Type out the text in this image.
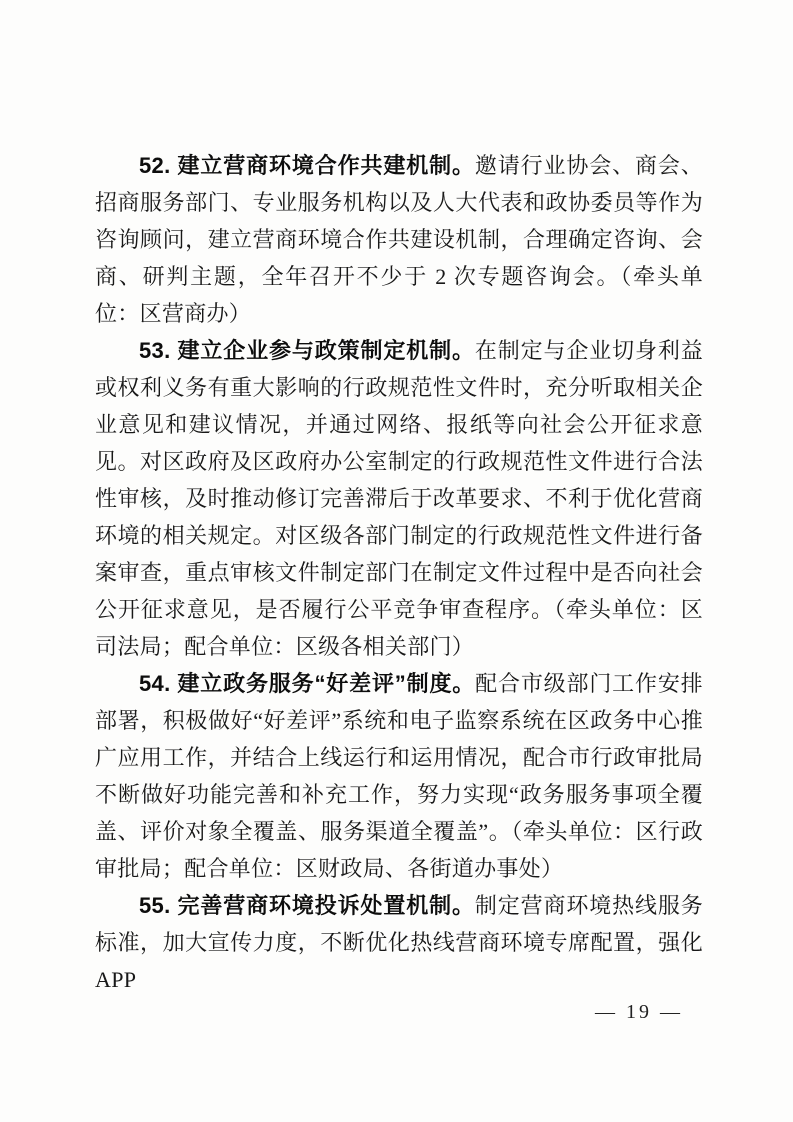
52. 建立营商环境合作共建机制。邀请行业协会、商会、招商服务部门、专业服务机构以及人大代表和政协委员等作为咨询顾问，建立营商环境合作共建设机制，合理确定咨询、会商、研判主题，全年召开不少于 2 次专题咨询会。（牵头单位：区营商办）

53. 建立企业参与政策制定机制。在制定与企业切身利益或权利义务有重大影响的行政规范性文件时，充分听取相关企业意见和建议情况，并通过网络、报纸等向社会公开征求意见。对区政府及区政府办公室制定的行政规范性文件进行合法性审核，及时推动修订完善滞后于改革要求、不利于优化营商环境的相关规定。对区级各部门制定的行政规范性文件进行备案审查，重点审核文件制定部门在制定文件过程中是否向社会公开征求意见，是否履行公平竞争审查程序。（牵头单位：区司法局；配合单位：区级各相关部门）

54. 建立政务服务“好差评”制度。配合市级部门工作安排部署，积极做好“好差评”系统和电子监察系统在区政务中心推广应用工作，并结合上线运行和运用情况，配合市行政审批局不断做好功能完善和补充工作，努力实现“政务服务事项全覆盖、评价对象全覆盖、服务渠道全覆盖”。（牵头单位：区行政审批局；配合单位：区财政局、各街道办事处）

55. 完善营商环境投诉处置机制。制定营商环境热线服务标准，加大宣传力度，不断优化热线营商环境专席配置，强化 APP

— 19 —
